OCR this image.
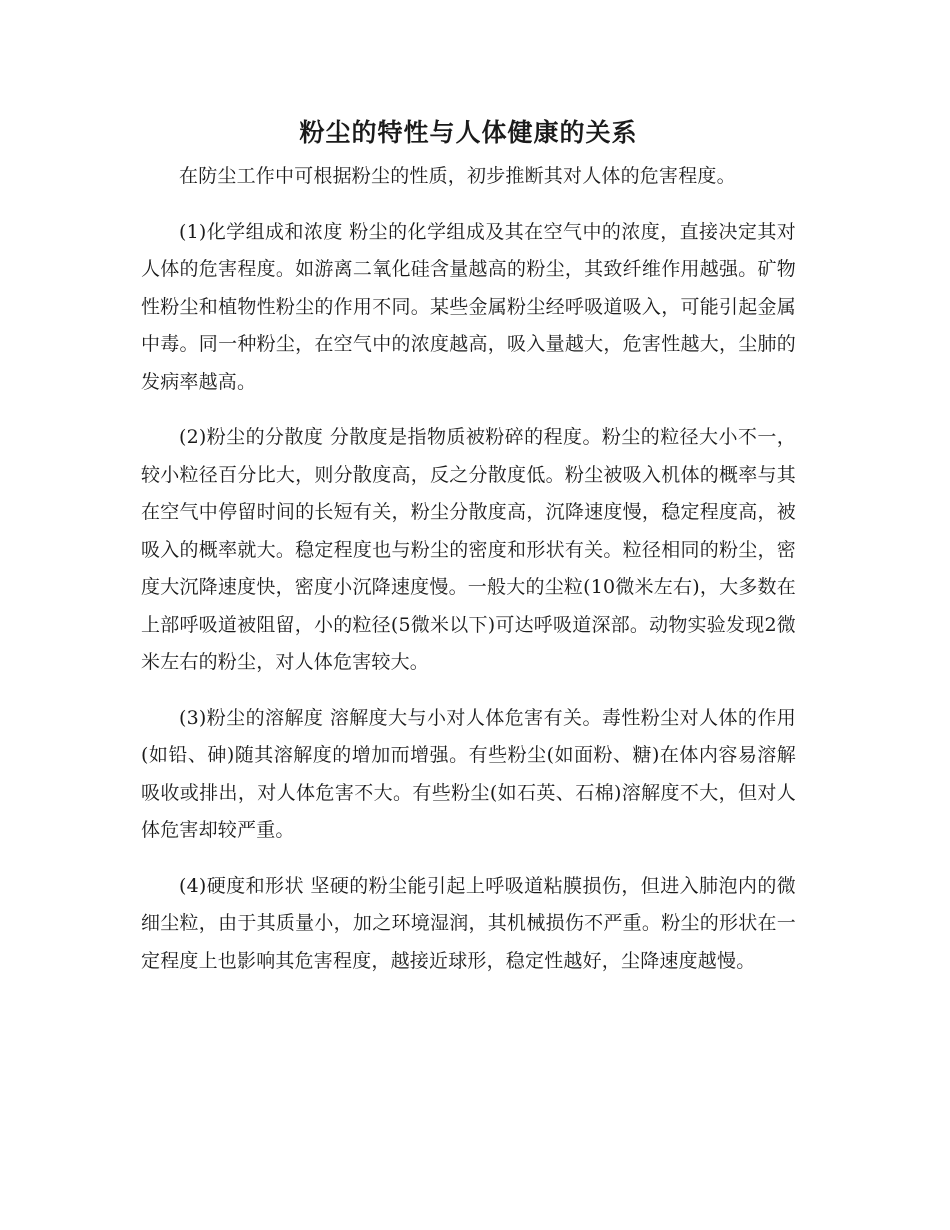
粉尘的特性与人体健康的关系

在防尘工作中可根据粉尘的性质，初步推断其对人体的危害程度。

(1)化学组成和浓度 粉尘的化学组成及其在空气中的浓度，直接决定其对人体的危害程度。如游离二氧化硅含量越高的粉尘，其致纤维作用越强。矿物性粉尘和植物性粉尘的作用不同。某些金属粉尘经呼吸道吸入，可能引起金属中毒。同一种粉尘，在空气中的浓度越高，吸入量越大，危害性越大，尘肺的发病率越高。

(2)粉尘的分散度 分散度是指物质被粉碎的程度。粉尘的粒径大小不一，较小粒径百分比大，则分散度高，反之分散度低。粉尘被吸入机体的概率与其在空气中停留时间的长短有关，粉尘分散度高，沉降速度慢，稳定程度高，被吸入的概率就大。稳定程度也与粉尘的密度和形状有关。粒径相同的粉尘，密度大沉降速度快，密度小沉降速度慢。一般大的尘粒(10微米左右)，大多数在上部呼吸道被阻留，小的粒径(5微米以下)可达呼吸道深部。动物实验发现2微米左右的粉尘，对人体危害较大。

(3)粉尘的溶解度 溶解度大与小对人体危害有关。毒性粉尘对人体的作用(如铅、砷)随其溶解度的增加而增强。有些粉尘(如面粉、糖)在体内容易溶解吸收或排出，对人体危害不大。有些粉尘(如石英、石棉)溶解度不大，但对人体危害却较严重。

(4)硬度和形状 坚硬的粉尘能引起上呼吸道粘膜损伤，但进入肺泡内的微细尘粒，由于其质量小，加之环境湿润，其机械损伤不严重。粉尘的形状在一定程度上也影响其危害程度，越接近球形，稳定性越好，尘降速度越慢。
